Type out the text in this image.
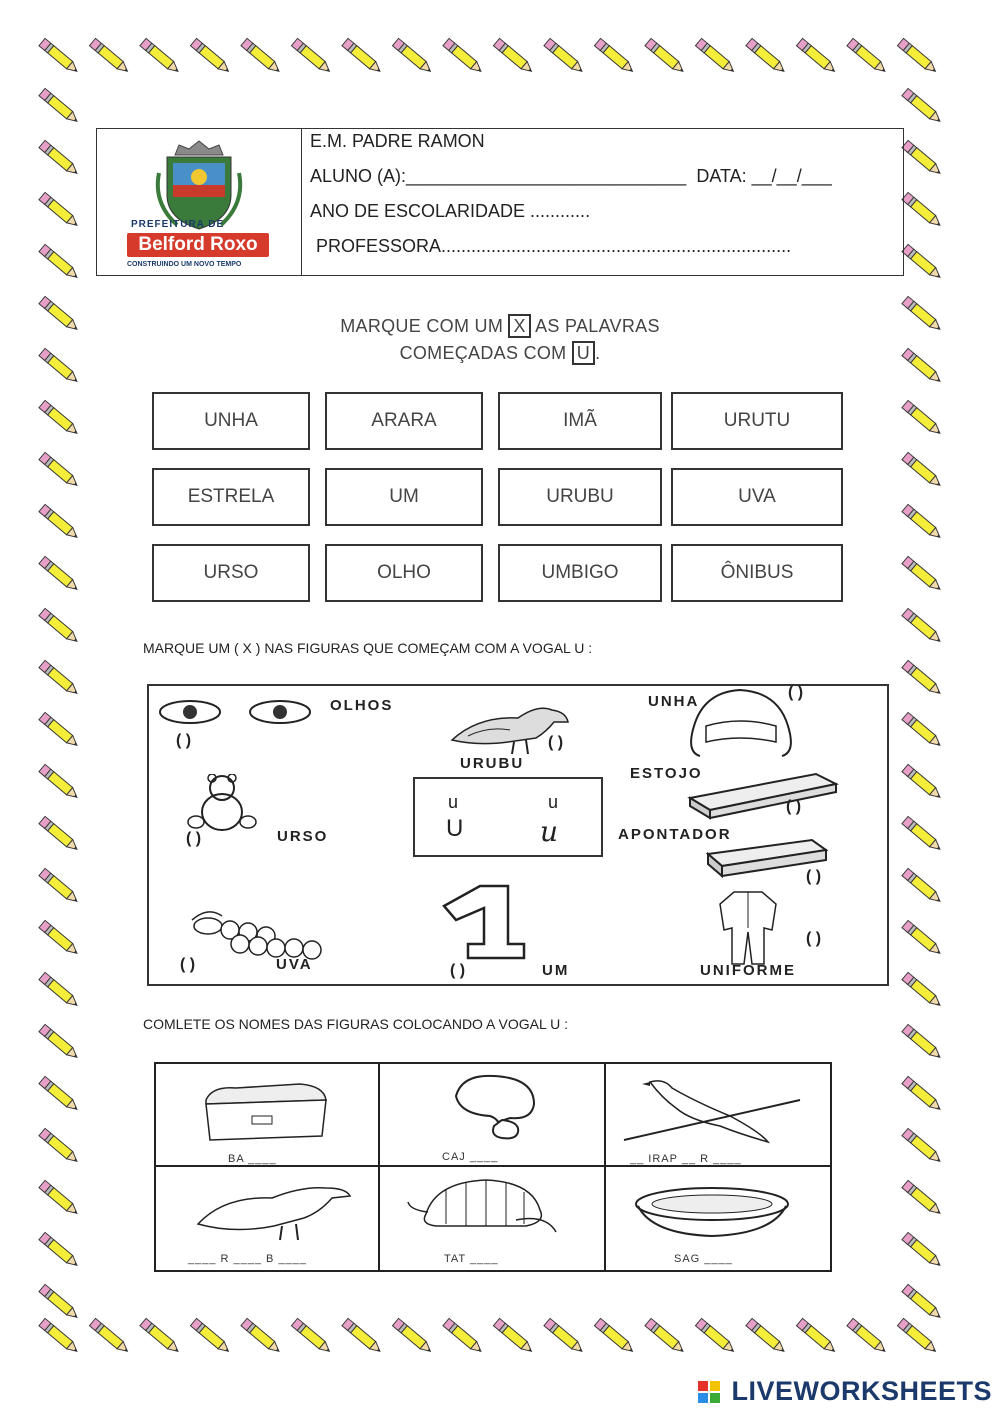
PREFEITURA DE
Belford Roxo
CONSTRUINDO UM NOVO TEMPO
E.M. PADRE RAMON
ALUNO (A):____________________________  DATA: __/__/___
ANO DE ESCOLARIDADE ............
PROFESSORA......................................................................
MARQUE COM UM X AS PALAVRAS
COMEÇADAS COM U .
UNHA	ARARA	IMÃ	URUTU
ESTRELA	UM	URUBU	UVA
URSO	OLHO	UMBIGO	ÔNIBUS
MARQUE UM ( X ) NAS FIGURAS QUE COMEÇAM COM A VOGAL U :
OLHOS
( )	( )
URUBU
UNHA
( )
ESTOJO
( )
( )	URSO
u	u
U	u	APONTADOR
( )
( )	UVA	( )	UM
( )
UNIFORME
COMLETE OS NOMES DAS FIGURAS COLOCANDO A VOGAL U :
BA ____	CAJ ____	__ IRAP __ R ____
____ R ____ B ____	TAT ____	SAG ____
LIVEWORKSHEETS
